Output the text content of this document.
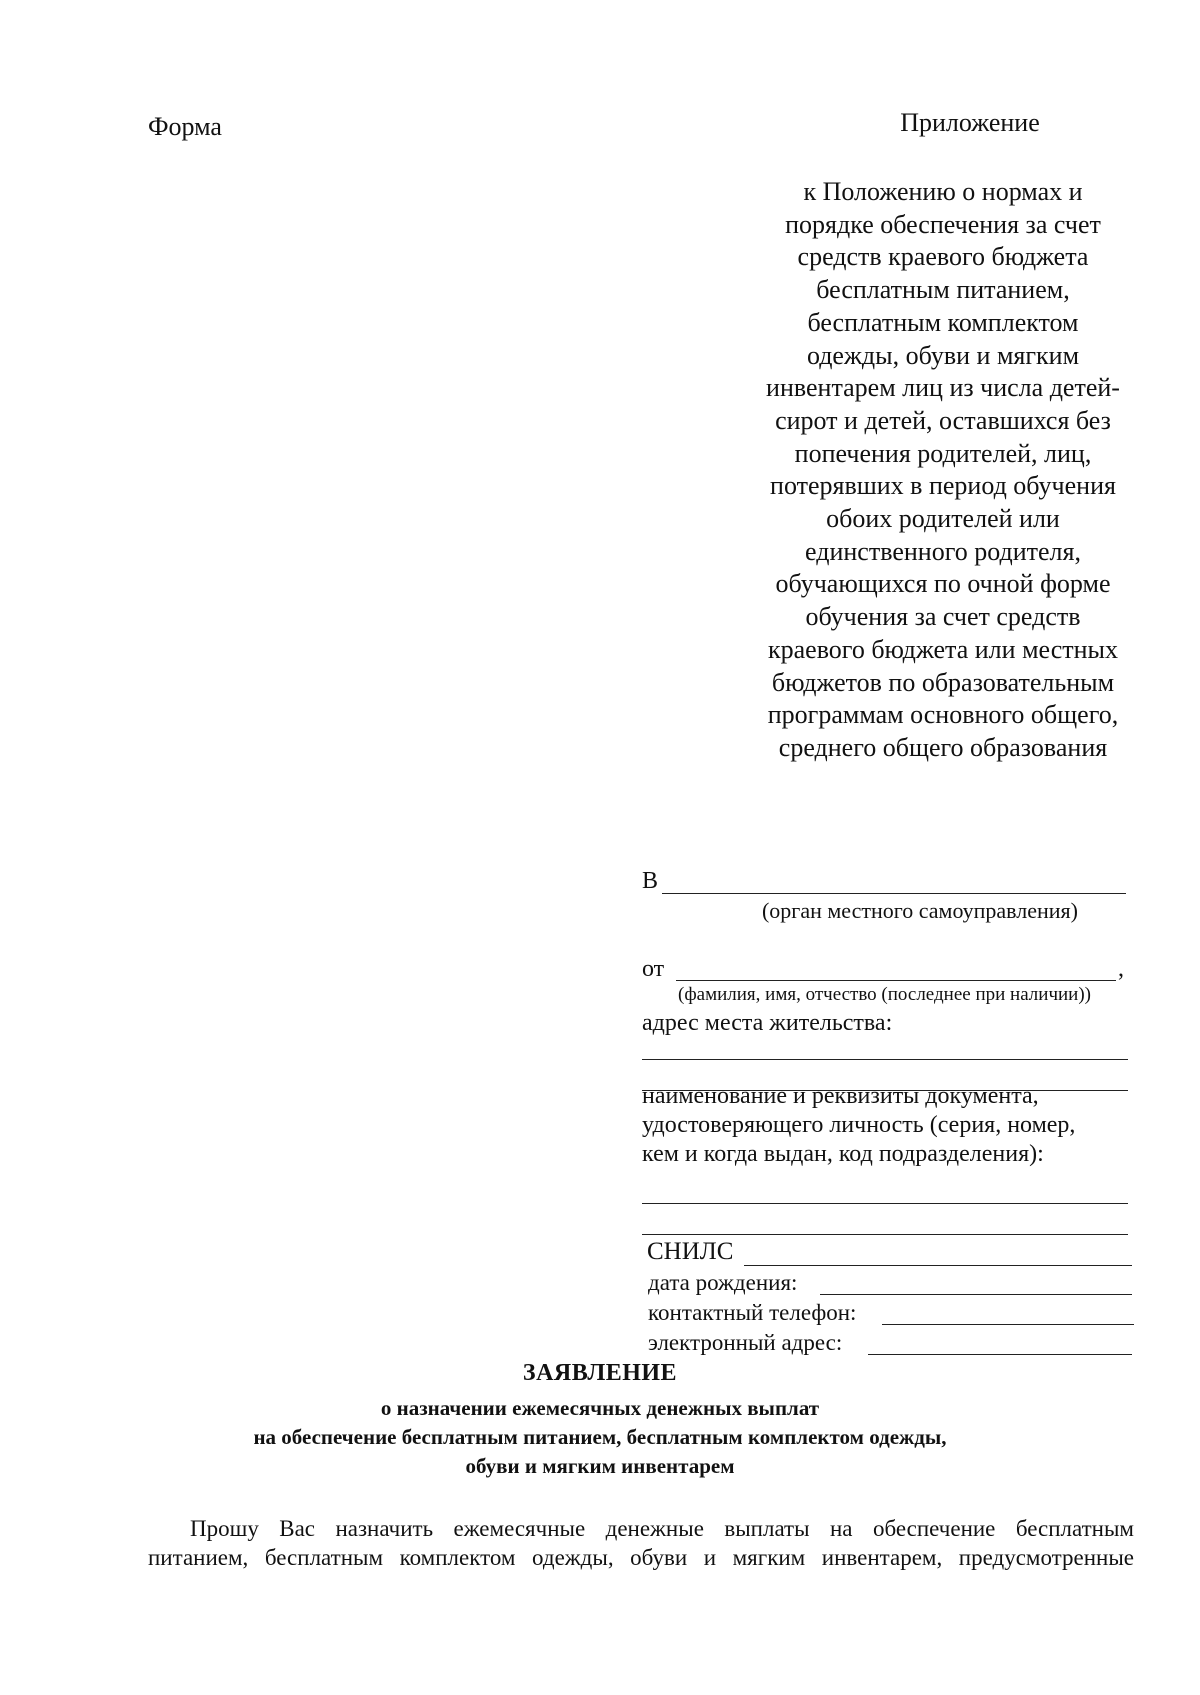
Форма	Приложение
к Положению о нормах и
порядке обеспечения за счет
средств краевого бюджета
бесплатным питанием,
бесплатным комплектом
одежды, обуви и мягким
инвентарем лиц из числа детей-
сирот и детей, оставшихся без
попечения родителей, лиц,
потерявших в период обучения
обоих родителей или
единственного родителя,
обучающихся по очной форме
обучения за счет средств
краевого бюджета или местных
бюджетов по образовательным
программам основного общего,
среднего общего образования
В
(орган местного самоуправления)
от	,
(фамилия, имя, отчество (последнее при наличии))
адрес места жительства:
наименование и реквизиты документа,
удостоверяющего личность (серия, номер,
кем и когда выдан, код подразделения):
СНИЛС
дата рождения:
контактный телефон:
электронный адрес:
ЗАЯВЛЕНИЕ
о назначении ежемесячных денежных выплат
на обеспечение бесплатным питанием, бесплатным комплектом одежды,
обуви и мягким инвентарем
Прошу Вас назначить ежемесячные денежные выплаты на обеспечение бесплатным
питанием, бесплатным комплектом одежды, обуви и мягким инвентарем, предусмотренные
